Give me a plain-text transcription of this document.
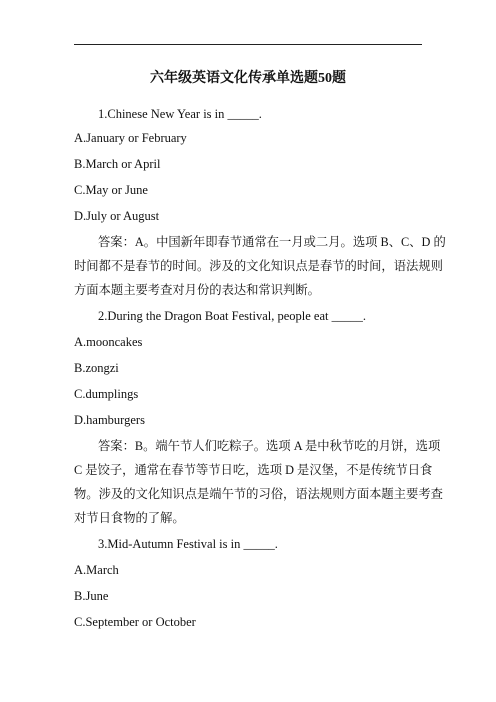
六年级英语文化传承单选题50题
1.Chinese New Year is in _____.
A.January or February
B.March or April
C.May or June
D.July or August
答案：A。中国新年即春节通常在一月或二月。选项 B、C、D 的
时间都不是春节的时间。涉及的文化知识点是春节的时间，语法规则
方面本题主要考查对月份的表达和常识判断。
2.During the Dragon Boat Festival, people eat _____.
A.mooncakes
B.zongzi
C.dumplings
D.hamburgers
答案：B。端午节人们吃粽子。选项 A 是中秋节吃的月饼，选项
C 是饺子，通常在春节等节日吃，选项 D 是汉堡，不是传统节日食
物。涉及的文化知识点是端午节的习俗，语法规则方面本题主要考查
对节日食物的了解。
3.Mid-Autumn Festival is in _____.
A.March
B.June
C.September or October
